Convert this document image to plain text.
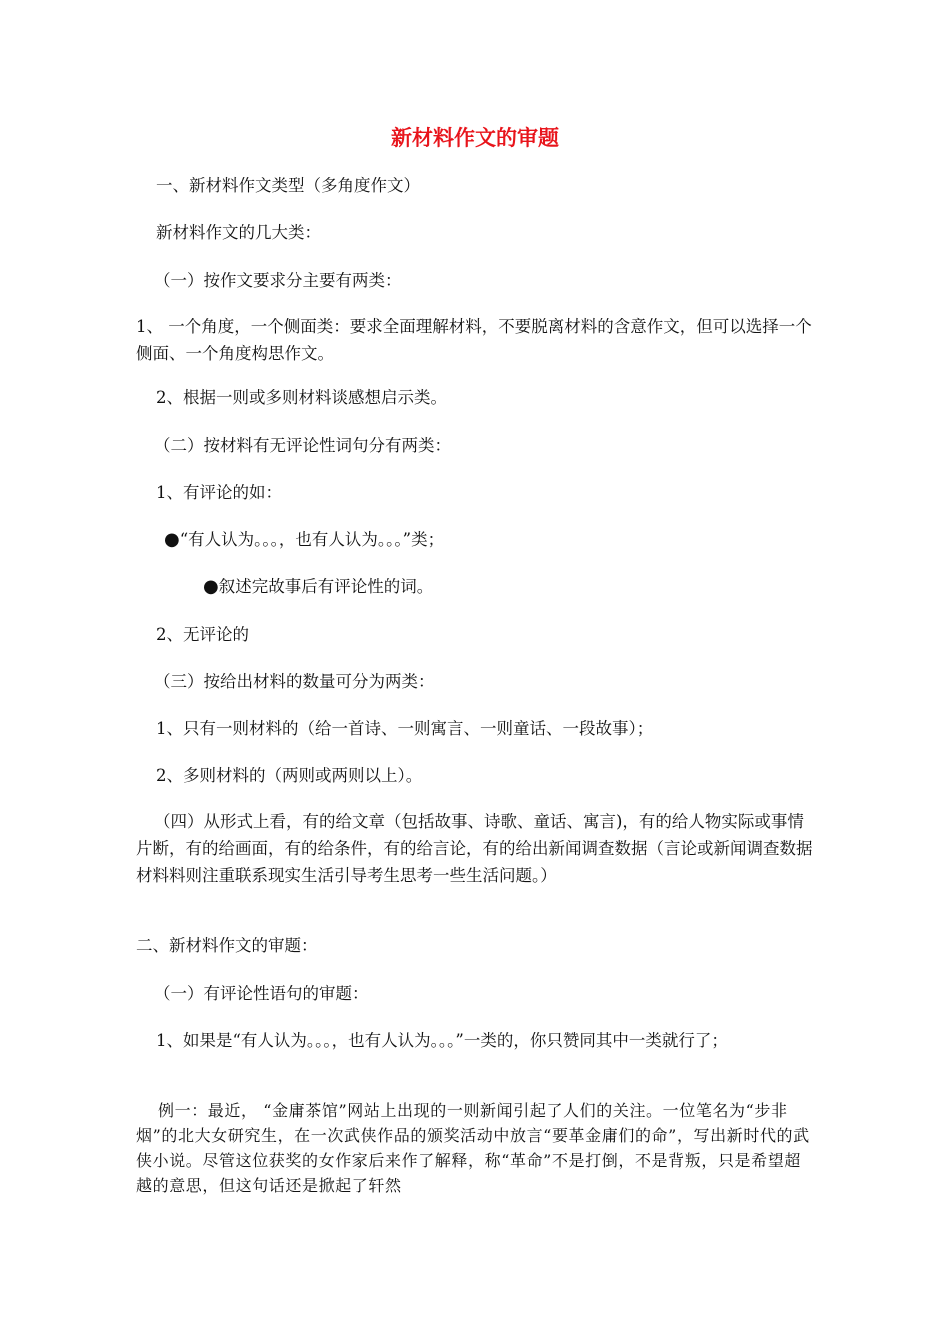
新材料作文的审题

一、新材料作文类型（多角度作文）

新材料作文的几大类：

（一）按作文要求分主要有两类：

1、 一个角度，一个侧面类：要求全面理解材料，不要脱离材料的含意作文，但可以选择一个侧面、一个角度构思作文。

2、根据一则或多则材料谈感想启示类。

（二）按材料有无评论性词句分有两类：

1、有评论的如：

●“有人认为。。。，也有人认为。。。”类；

●叙述完故事后有评论性的词。

2、无评论的

（三）按给出材料的数量可分为两类：

1、只有一则材料的（给一首诗、一则寓言、一则童话、一段故事）；

2、多则材料的（两则或两则以上）。

（四）从形式上看，有的给文章（包括故事、诗歌、童话、寓言)，有的给人物实际或事情片断，有的给画面，有的给条件，有的给言论，有的给出新闻调查数据（言论或新闻调查数据材料料则注重联系现实生活引导考生思考一些生活问题。）

二、新材料作文的审题：

（一）有评论性语句的审题：

1、如果是“有人认为。。。，也有人认为。。。”一类的，你只赞同其中一类就行了；

例一：最近， “金庸茶馆”网站上出现的一则新闻引起了人们的关注。一位笔名为“步非烟”的北大女研究生，在一次武侠作品的颁奖活动中放言“要革金庸们的命”，写出新时代的武侠小说。尽管这位获奖的女作家后来作了解释，称“革命”不是打倒，不是背叛，只是希望超越的意思，但这句话还是掀起了轩然
